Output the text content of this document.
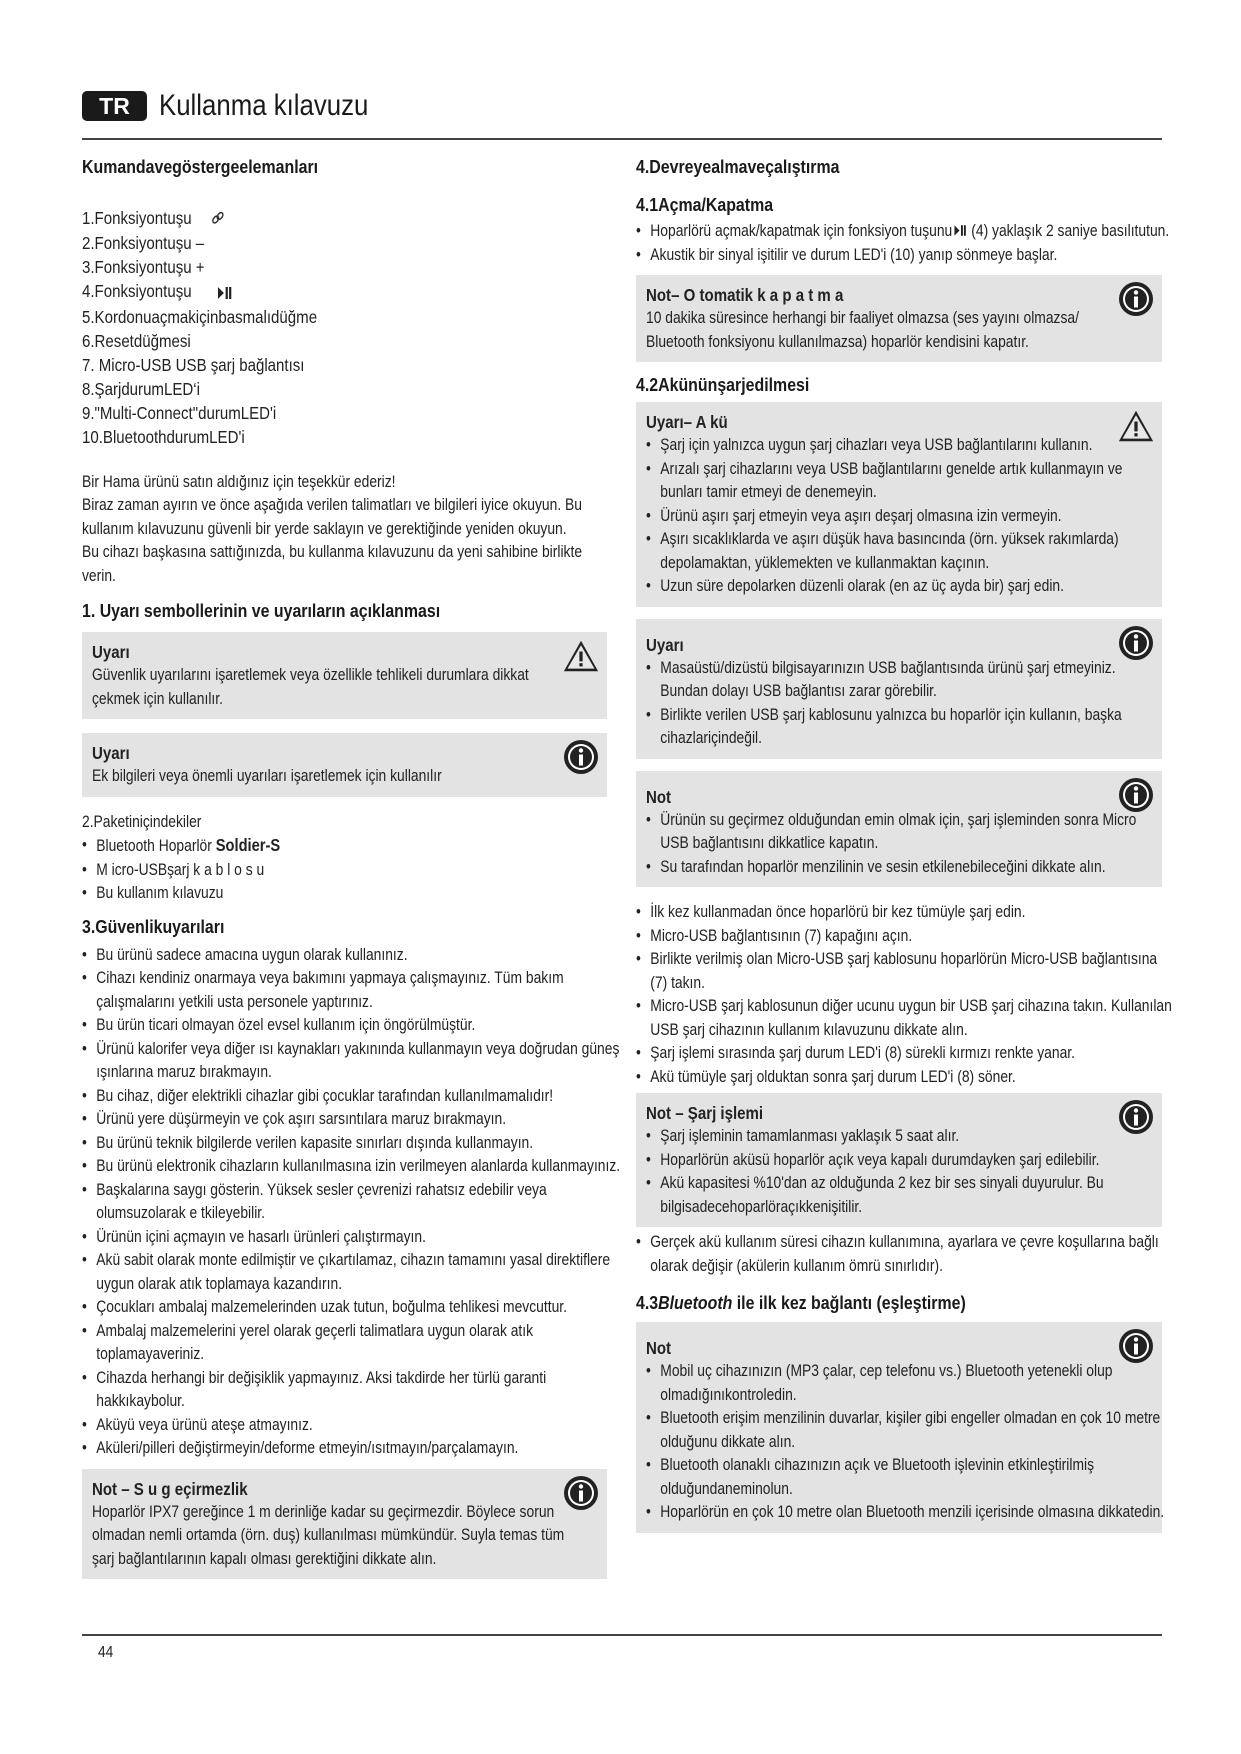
TR Kullanma kılavuzu
Kumandavegöstergeelemanları
1.Fonksiyontuşu
2.Fonksiyontuşu –
3.Fonksiyontuşu +
4.Fonksiyontuşu
5.Kordonuaçmakiçinbasmalıdüğme
6.Resetdüğmesi
7. Micro-USB USB şarj bağlantısı
8.ŞarjdurumLED‘i
9."Multi-Connect"durumLED'i
10.BluetoothdurumLED'i
Bir Hama ürünü satın aldığınız için teşekkür ederiz!
Biraz zaman ayırın ve önce aşağıda verilen talimatları ve bilgileri iyice okuyun. Bu
kullanım kılavuzunu güvenli bir yerde saklayın ve gerektiğinde yeniden okuyun.
Bu cihazı başkasına sattığınızda, bu kullanma kılavuzunu da yeni sahibine birlikte
verin.
1. Uyarı sembollerinin ve uyarıların açıklanması
Uyarı
Güvenlik uyarılarını işaretlemek veya özellikle tehlikeli durumlara dikkat çekmek için kullanılır.
Uyarı
Ek bilgileri veya önemli uyarıları işaretlemek için kullanılır
2.Paketiniçindekiler
• Bluetooth Hoparlör Soldier-S
• M icro-USBşarj k a b l o s u
• Bu kullanım kılavuzu
3.Güvenlikuyarıları
• Bu ürünü sadece amacına uygun olarak kullanınız.
• Cihazı kendiniz onarmaya veya bakımını yapmaya çalışmayınız. Tüm bakım çalışmalarını yetkili usta personele yaptırınız.
• Bu ürün ticari olmayan özel evsel kullanım için öngörülmüştür.
• Ürünü kalorifer veya diğer ısı kaynakları yakınında kullanmayın veya doğrudan güneş ışınlarına maruz bırakmayın.
• Bu cihaz, diğer elektrikli cihazlar gibi çocuklar tarafından kullanılmamalıdır!
• Ürünü yere düşürmeyin ve çok aşırı sarsıntılara maruz bırakmayın.
• Bu ürünü teknik bilgilerde verilen kapasite sınırları dışında kullanmayın.
• Bu ürünü elektronik cihazların kullanılmasına izin verilmeyen alanlarda kullanmayınız.
• Başkalarına saygı gösterin. Yüksek sesler çevrenizi rahatsız edebilir veya olumsuzolarak e tkileyebilir.
• Ürünün içini açmayın ve hasarlı ürünleri çalıştırmayın.
• Akü sabit olarak monte edilmiştir ve çıkartılamaz, cihazın tamamını yasal direktiflere uygun olarak atık toplamaya kazandırın.
• Çocukları ambalaj malzemelerinden uzak tutun, boğulma tehlikesi mevcuttur.
• Ambalaj malzemelerini yerel olarak geçerli talimatlara uygun olarak atık toplamayaveriniz.
• Cihazda herhangi bir değişiklik yapmayınız. Aksi takdirde her türlü garanti hakkıkaybolur.
• Aküyü veya ürünü ateşe atmayınız.
• Aküleri/pilleri değiştirmeyin/deforme etmeyin/ısıtmayın/parçalamayın.
Not – S u g eçirmezlik
Hoparlör IPX7 gereğince 1 m derinliğe kadar su geçirmezdir. Böylece sorun olmadan nemli ortamda (örn. duş) kullanılması mümkündür. Suyla temas tüm şarj bağlantılarının kapalı olması gerektiğini dikkate alın.
4.Devreyealmaveçalıştırma
4.1Açma/Kapatma
• Hoparlörü açmak/kapatmak için fonksiyon tuşunu (4) yaklaşık 2 saniye basılıtutun.
• Akustik bir sinyal işitilir ve durum LED'i (10) yanıp sönmeye başlar.
Not– O tomatik k a p a t m a
10 dakika süresince herhangi bir faaliyet olmazsa (ses yayını olmazsa/ Bluetooth fonksiyonu kullanılmazsa) hoparlör kendisini kapatır.
4.2Akününşarjedilmesi
Uyarı– A kü
• Şarj için yalnızca uygun şarj cihazları veya USB bağlantılarını kullanın.
• Arızalı şarj cihazlarını veya USB bağlantılarını genelde artık kullanmayın ve bunları tamir etmeyi de denemeyin.
• Ürünü aşırı şarj etmeyin veya aşırı deşarj olmasına izin vermeyin.
• Aşırı sıcaklıklarda ve aşırı düşük hava basıncında (örn. yüksek rakımlarda) depolamaktan, yüklemekten ve kullanmaktan kaçının.
• Uzun süre depolarken düzenli olarak (en az üç ayda bir) şarj edin.
Uyarı
• Masaüstü/dizüstü bilgisayarınızın USB bağlantısında ürünü şarj etmeyiniz. Bundan dolayı USB bağlantısı zarar görebilir.
• Birlikte verilen USB şarj kablosunu yalnızca bu hoparlör için kullanın, başka cihazlariçindeğil.
Not
• Ürünün su geçirmez olduğundan emin olmak için, şarj işleminden sonra Micro USB bağlantısını dikkatlice kapatın.
• Su tarafından hoparlör menzilinin ve sesin etkilenebileceğini dikkate alın.
• İlk kez kullanmadan önce hoparlörü bir kez tümüyle şarj edin.
• Micro-USB bağlantısının (7) kapağını açın.
• Birlikte verilmiş olan Micro-USB şarj kablosunu hoparlörün Micro-USB bağlantısına (7) takın.
• Micro-USB şarj kablosunun diğer ucunu uygun bir USB şarj cihazına takın. Kullanılan USB şarj cihazının kullanım kılavuzunu dikkate alın.
• Şarj işlemi sırasında şarj durum LED'i (8) sürekli kırmızı renkte yanar.
• Akü tümüyle şarj olduktan sonra şarj durum LED'i (8) söner.
Not – Şarj işlemi
• Şarj işleminin tamamlanması yaklaşık 5 saat alır.
• Hoparlörün aküsü hoparlör açık veya kapalı durumdayken şarj edilebilir.
• Akü kapasitesi %10'dan az olduğunda 2 kez bir ses sinyali duyurulur. Bu bilgisadecehoparlöraçıkkenişitilir.
• Gerçek akü kullanım süresi cihazın kullanımına, ayarlara ve çevre koşullarına bağlı olarak değişir (akülerin kullanım ömrü sınırlıdır).
4.3Bluetooth ile ilk kez bağlantı (eşleştirme)
Not
• Mobil uç cihazınızın (MP3 çalar, cep telefonu vs.) Bluetooth yetenekli olup olmadığınıkontroledin.
• Bluetooth erişim menzilinin duvarlar, kişiler gibi engeller olmadan en çok 10 metre olduğunu dikkate alın.
• Bluetooth olanaklı cihazınızın açık ve Bluetooth işlevinin etkinleştirilmiş olduğundaneminolun.
• Hoparlörün en çok 10 metre olan Bluetooth menzili içerisinde olmasına dikkatedin.
44
